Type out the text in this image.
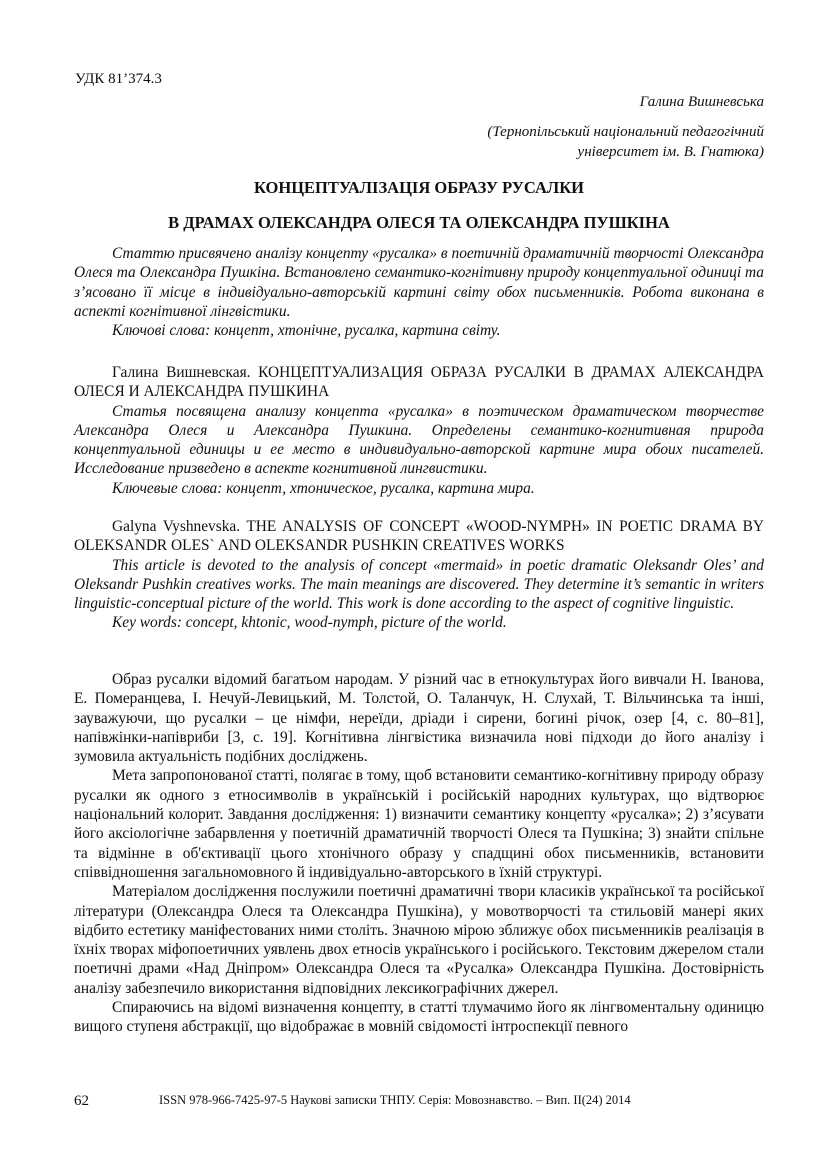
УДК 81’374.3
Галина Вишневська
(Тернопільський національний педагогічний
університет ім. В. Гнатюка)
КОНЦЕПТУАЛІЗАЦІЯ ОБРАЗУ РУСАЛКИ
В ДРАМАХ ОЛЕКСАНДРА ОЛЕСЯ ТА ОЛЕКСАНДРА ПУШКІНА

Статтю присвячено аналізу концепту «русалка» в поетичній драматичній творчості Олександра Олеся та Олександра Пушкіна. Встановлено семантико-когнітивну природу концептуальної одиниці та з’ясовано її місце в індивідуально-авторській картині світу обох письменників. Робота виконана в аспекті когнітивної лінгвістики.

Ключові слова: концепт, хтонічне, русалка, картина світу.

Галина Вишневская. КОНЦЕПТУАЛИЗАЦИЯ ОБРАЗА РУСАЛКИ В ДРАМАХ АЛЕКСАНДРА ОЛЕСЯ И АЛЕКСАНДРА ПУШКИНА

Статья посвящена анализу концепта «русалка» в поэтическом драматическом творчестве Александра Олеся и Александра Пушкина. Определены семантико-когнитивная природа концептуальной единицы и ее место в индивидуально-авторской картине мира обоих писателей. Исследование призведено в аспекте когнитивной лингвистики.

Ключевые слова: концепт, хтоническое, русалка, картина мира.

Galyna Vyshnevska. THE ANALYSIS OF CONCEPT «WOOD-NYMPH» IN POETIC DRAMA BY OLEKSANDR OLES` AND OLEKSANDR PUSHKIN CREATIVES WORKS

This article is devoted to the analysis of concept «mermaid» in poetic dramatic Oleksandr Oles’ and Oleksandr Pushkin creatives works. The main meanings are discovered. They determine it’s semantic in writers linguistic-conceptual picture of the world. This work is done according to the aspect of cognitive linguistic.

Key words: concept, khtonic, wood-nymph, picture of the world.

Образ русалки відомий багатьом народам. У різний час в етнокультурах його вивчали Н. Іванова, Е. Померанцева, І. Нечуй-Левицький, М. Толстой, О. Таланчук, Н. Слухай, Т. Вільчинська та інші, зауважуючи, що русалки – це німфи, нереїди, дріади і сирени, богині річок, озер [4, с. 80–81], напівжінки-напівриби [3, с. 19]. Когнітивна лінгвістика визначила нові підходи до його аналізу і зумовила актуальність подібних досліджень.

Мета запропонованої статті, полягає в тому, щоб встановити семантико-когнітивну природу образу русалки як одного з етносимволів в українській і російській народних культурах, що відтворює національний колорит. Завдання дослідження: 1) визначити семантику концепту «русалка»; 2) з’ясувати його аксіологічне забарвлення у поетичній драматичній творчості Олеся та Пушкіна; 3) знайти спільне та відмінне в об'єктивації цього хтонічного образу у спадщині обох письменників, встановити співвідношення загальномовного й індивідуально-авторського в їхній структурі.

Матеріалом дослідження послужили поетичні драматичні твори класиків української та російської літератури (Олександра Олеся та Олександра Пушкіна), у мовотворчості та стильовій манері яких відбито естетику маніфестованих ними століть. Значною мірою зближує обох письменників реалізація в їхніх творах міфопоетичних уявлень двох етносів українського і російського. Текстовим джерелом стали поетичні драми «Над Дніпром» Олександра Олеся та «Русалка» Олександра Пушкіна. Достовірність аналізу забезпечило використання відповідних лексикографічних джерел.

Спираючись на відомі визначення концепту, в статті тлумачимо його як лінгвоментальну одиницю вищого ступеня абстракції, що відображає в мовній свідомості інтроспекції певного

62	ISSN 978-966-7425-97-5 Наукові записки ТНПУ. Серія: Мовознавство. – Вип. ІІ(24) 2014
